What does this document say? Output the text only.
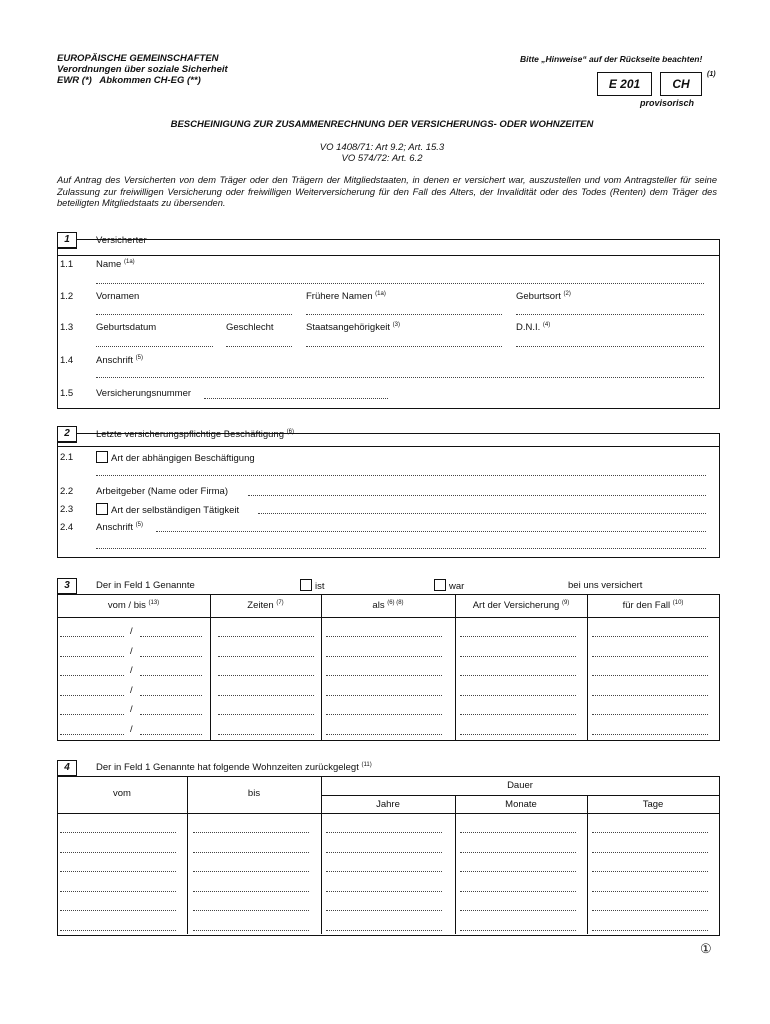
EUROPÄISCHE GEMEINSCHAFTEN
Verordnungen über soziale Sicherheit
EWR (*)   Abkommen CH-EG (**)
Bitte „Hinweise“ auf der Rückseite beachten!
E 201	CH
(1)
provisorisch
BESCHEINIGUNG ZUR ZUSAMMENRECHNUNG DER VERSICHERUNGS- ODER WOHNZEITEN
VO 1408/71: Art 9.2; Art. 15.3
VO 574/72: Art. 6.2
Auf Antrag des Versicherten von dem Träger oder den Trägern der Mitgliedstaaten, in denen er versichert war, auszustellen und vom Antragsteller für seine Zulassung zur freiwilligen Versicherung oder freiwilligen Weiterversicherung für den Fall des Alters, der Invalidität oder des Todes (Renten) dem Träger des beteiligten Mitgliedstaats zu übersenden.
1	Versicherter
1.1 Name $^{(1a)}$
1.2 Vornamen	Frühere Namen $^{(1a)}$	Geburtsort $^{(2)}$
1.3 Geburtsdatum	Geschlecht	Staatsangehörigkeit $^{(3)}$	D.N.I. $^{(4)}$
1.4 Anschrift $^{(5)}$
1.5 Versicherungsnummer
2	Letzte versicherungspflichtige Beschäftigung $^{(6)}$
2.1	Art der abhängigen Beschäftigung
2.2 Arbeitgeber (Name oder Firma)
2.3	Art der selbständigen Tätigkeit
2.4 Anschrift $^{(5)}$
3	Der in Feld 1 Genannte	ist	war	bei uns versichert
vom / bis $^{(13)}$	Zeiten $^{(7)}$	als $^{(6) (8)}$	Art der Versicherung $^{(9)}$	für den Fall $^{(10)}$
/
/
/
/
/
/
4	Der in Feld 1 Genannte hat folgende Wohnzeiten zurückgelegt $^{(11)}$
vom	bis
Dauer
Jahre	Monate	Tage
①
